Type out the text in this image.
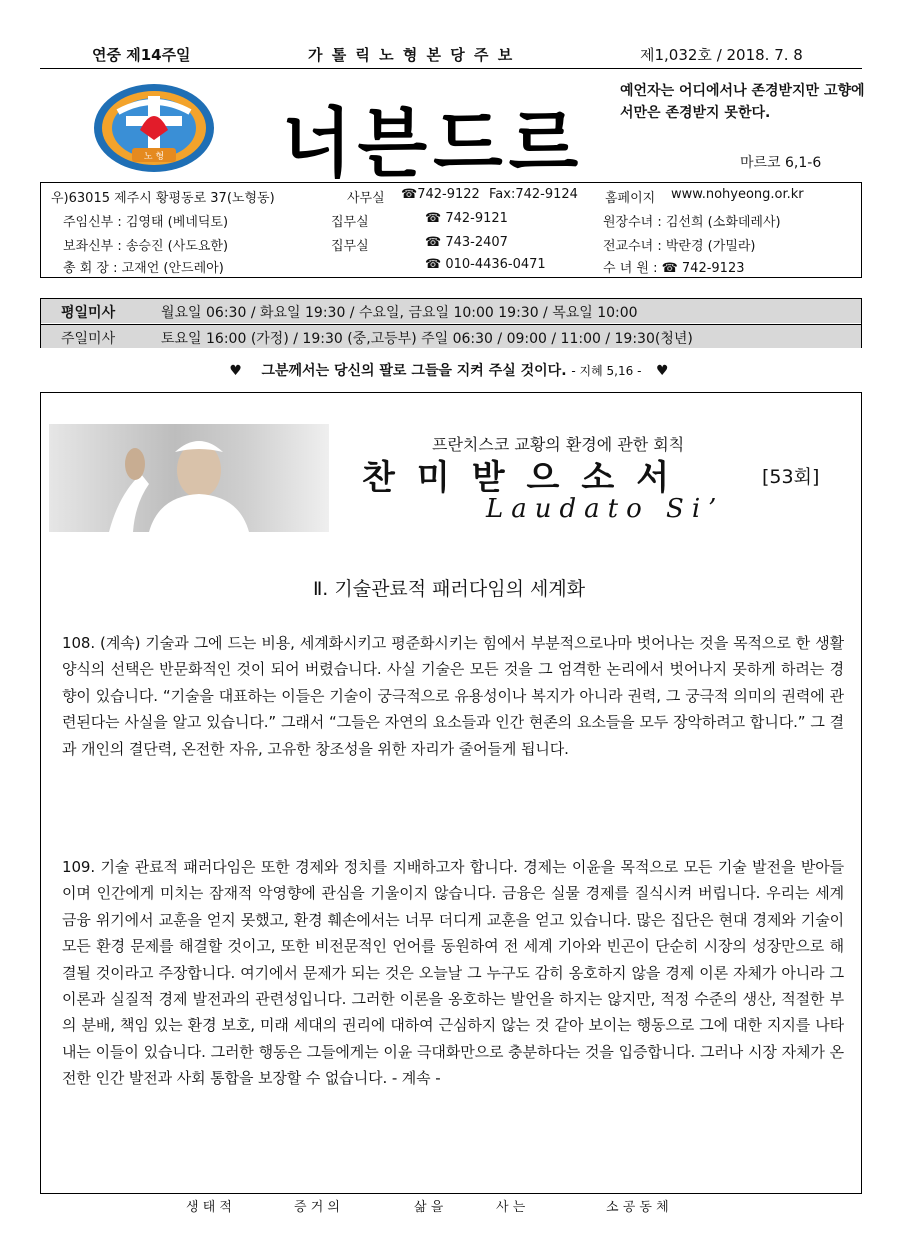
연중 제14주일	가 톨 릭 노 형 본 당 주 보	제1,032호 / 2018. 7. 8
노 형 너븐드르
예언자는 어디에서나 존경받지만 고향에서만은 존경받지 못한다.
마르코 6,1-6
우)63015 제주시 황평동로 37(노형동)	사무실 ☎742-9122 Fax:742-9124 홈페이지 www.nohyeong.or.kr
주임신부 : 김영태 (베네딕토)	집무실	☎ 742-9121	원장수녀 : 김선희 (소화데레사)
보좌신부 : 송승진 (사도요한)	집무실	☎ 743-2407	전교수녀 : 박란경 (가밀라)
총 회 장 : 고재언 (안드레아)	☎ 010-4436-0471	수 녀 원 : ☎ 742-9123
평일미사	월요일 06:30 / 화요일 19:30 / 수요일, 금요일 10:00 19:30 / 목요일 10:00
주일미사	토요일 16:00 (가정) / 19:30 (중,고등부) 주일 06:30 / 09:00 / 11:00 / 19:30(청년)
♥ 그분께서는 당신의 팔로 그들을 지켜 주실 것이다. - 지혜 5,16 - ♥
프란치스코 교황의 환경에 관한 회칙
찬미받으소서	[53회]
Laudato Si’
Ⅱ. 기술관료적 패러다임의 세계화
108. (계속) 기술과 그에 드는 비용, 세계화시키고 평준화시키는 힘에서 부분적으로나마 벗어나는 것을 목적으로 한 생활 양식의 선택은 반문화적인 것이 되어 버렸습니다. 사실 기술은 모든 것을 그 엄격한 논리에서 벗어나지 못하게 하려는 경향이 있습니다. “기술을 대표하는 이들은 기술이 궁극적으로 유용성이나 복지가 아니라 권력, 그 궁극적 의미의 권력에 관련된다는 사실을 알고 있습니다.” 그래서 “그들은 자연의 요소들과 인간 현존의 요소들을 모두 장악하려고 합니다.” 그 결과 개인의 결단력, 온전한 자유, 고유한 창조성을 위한 자리가 줄어들게 됩니다.
109. 기술 관료적 패러다임은 또한 경제와 정치를 지배하고자 합니다. 경제는 이윤을 목적으로 모든 기술 발전을 받아들이며 인간에게 미치는 잠재적 악영향에 관심을 기울이지 않습니다. 금융은 실물 경제를 질식시켜 버립니다. 우리는 세계 금융 위기에서 교훈을 얻지 못했고, 환경 훼손에서는 너무 더디게 교훈을 얻고 있습니다. 많은 집단은 현대 경제와 기술이 모든 환경 문제를 해결할 것이고, 또한 비전문적인 언어를 동원하여 전 세계 기아와 빈곤이 단순히 시장의 성장만으로 해결될 것이라고 주장합니다. 여기에서 문제가 되는 것은 오늘날 그 누구도 감히 옹호하지 않을 경제 이론 자체가 아니라 그 이론과 실질적 경제 발전과의 관련성입니다. 그러한 이론을 옹호하는 발언을 하지는 않지만, 적정 수준의 생산, 적절한 부의 분배, 책임 있는 환경 보호, 미래 세대의 권리에 대하여 근심하지 않는 것 같아 보이는 행동으로 그에 대한 지지를 나타내는 이들이 있습니다. 그러한 행동은 그들에게는 이윤 극대화만으로 충분하다는 것을 입증합니다. 그러나 시장 자체가 온전한 인간 발전과 사회 통합을 보장할 수 없습니다. - 계속 -
생 태 적	증 거 의	삶 을	사 는	소 공 동 체
